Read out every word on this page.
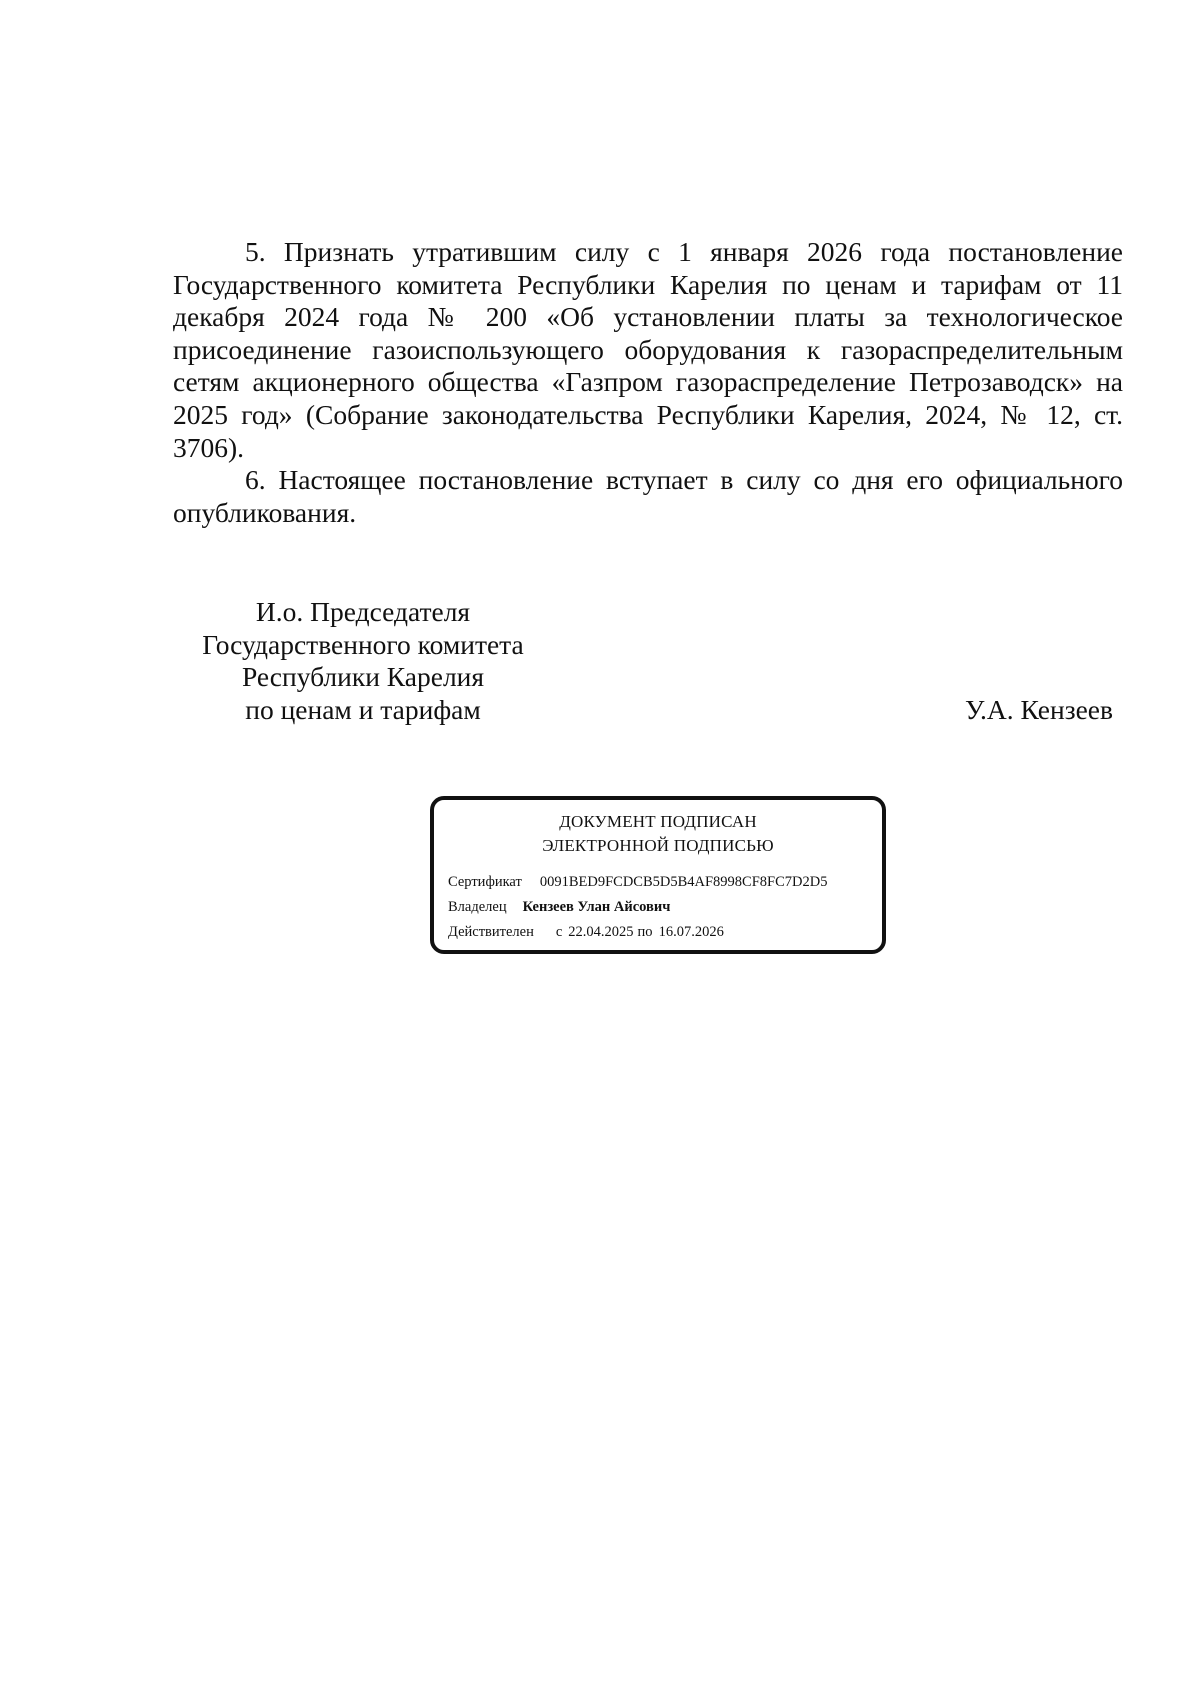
5. Признать утратившим силу с 1 января 2026 года постановление Государственного комитета Республики Карелия по ценам и тарифам от 11 декабря 2024 года № 200 «Об установлении платы за технологическое присоединение газоиспользующего оборудования к газораспределительным сетям акционерного общества «Газпром газораспределение Петрозаводск» на 2025 год» (Собрание законодательства Республики Карелия, 2024, № 12, ст. 3706).

6. Настоящее постановление вступает в силу со дня его официального опубликования.

И.о. Председателя
Государственного комитета
Республики Карелия
по ценам и тарифам	У.А. Кензеев
ДОКУМЕНТ ПОДПИСАН
ЭЛЕКТРОННОЙ ПОДПИСЬЮ
Сертификат 0091BED9FCDCB5D5B4AF8998CF8FC7D2D5
Владелец Кензеев Улан Айсович
Действителен с 22.04.2025 по 16.07.2026
